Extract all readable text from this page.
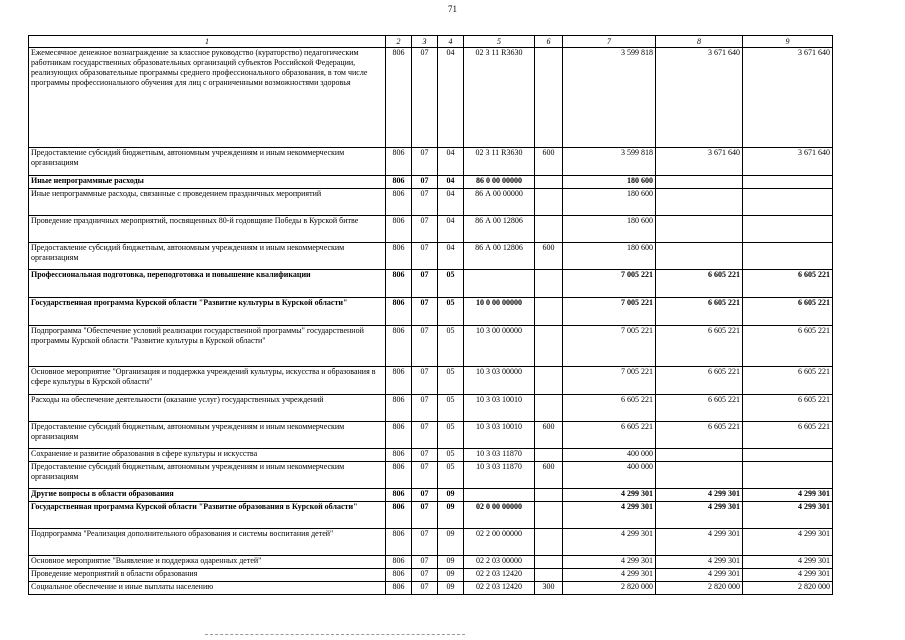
71
1	2	3	4	5	6	7	8	9
Ежемесячное денежное вознаграждение за классное руководство (кураторство) педагогическим работникам государственных образовательных организаций субъектов Российской Федерации, реализующих образовательные программы среднего профессионального образования, в том числе программы профессионального обучения для лиц с ограниченными возможностями здоровья	806	07	04	02 3 11 R3630		3 599 818	3 671 640	3 671 640
Предоставление субсидий бюджетным, автономным учреждениям и иным некоммерческим организациям	806	07	04	02 3 11 R3630	600	3 599 818	3 671 640	3 671 640
Иные непрограммные расходы	806	07	04	86 0 00 00000		180 600		
Иные непрограммные расходы, связанные с проведением праздничных мероприятий	806	07	04	86 А 00 00000		180 600		
Проведение праздничных мероприятий, посвященных 80-й годовщине Победы в Курской битве	806	07	04	86 А 00 12806		180 600		
Предоставление субсидий бюджетным, автономным учреждениям и иным некоммерческим организациям	806	07	04	86 А 00 12806	600	180 600		
Профессиональная подготовка, переподготовка и повышение квалификации	806	07	05			7 005 221	6 605 221	6 605 221
Государственная программа Курской области "Развитие культуры в Курской области"	806	07	05	10 0 00 00000		7 005 221	6 605 221	6 605 221
Подпрограмма "Обеспечение условий реализации государственной программы" государственной программы Курской области "Развитие культуры в Курской области"	806	07	05	10 3 00 00000		7 005 221	6 605 221	6 605 221
Основное мероприятие "Организация и поддержка учреждений культуры, искусства и образования в сфере культуры в Курской области"	806	07	05	10 3 03 00000		7 005 221	6 605 221	6 605 221
Расходы на обеспечение деятельности (оказание услуг) государственных учреждений	806	07	05	10 3 03 10010		6 605 221	6 605 221	6 605 221
Предоставление субсидий бюджетным, автономным учреждениям и иным некоммерческим организациям	806	07	05	10 3 03 10010	600	6 605 221	6 605 221	6 605 221
Сохранение и развитие образования в сфере культуры и искусства	806	07	05	10 3 03 11870		400 000		
Предоставление субсидий бюджетным, автономным учреждениям и иным некоммерческим организациям	806	07	05	10 3 03 11870	600	400 000		
Другие вопросы в области образования	806	07	09			4 299 301	4 299 301	4 299 301
Государственная программа Курской области "Развитие образования в Курской области"	806	07	09	02 0 00 00000		4 299 301	4 299 301	4 299 301
Подпрограмма "Реализация дополнительного образования и системы воспитания детей"	806	07	09	02 2 00 00000		4 299 301	4 299 301	4 299 301
Основное мероприятие "Выявление и поддержка одаренных детей"	806	07	09	02 2 03 00000		4 299 301	4 299 301	4 299 301
Проведение мероприятий в области образования	806	07	09	02 2 03 12420		4 299 301	4 299 301	4 299 301
Социальное обеспечение и иные выплаты населению	806	07	09	02 2 03 12420	300	2 820 000	2 820 000	2 820 000
